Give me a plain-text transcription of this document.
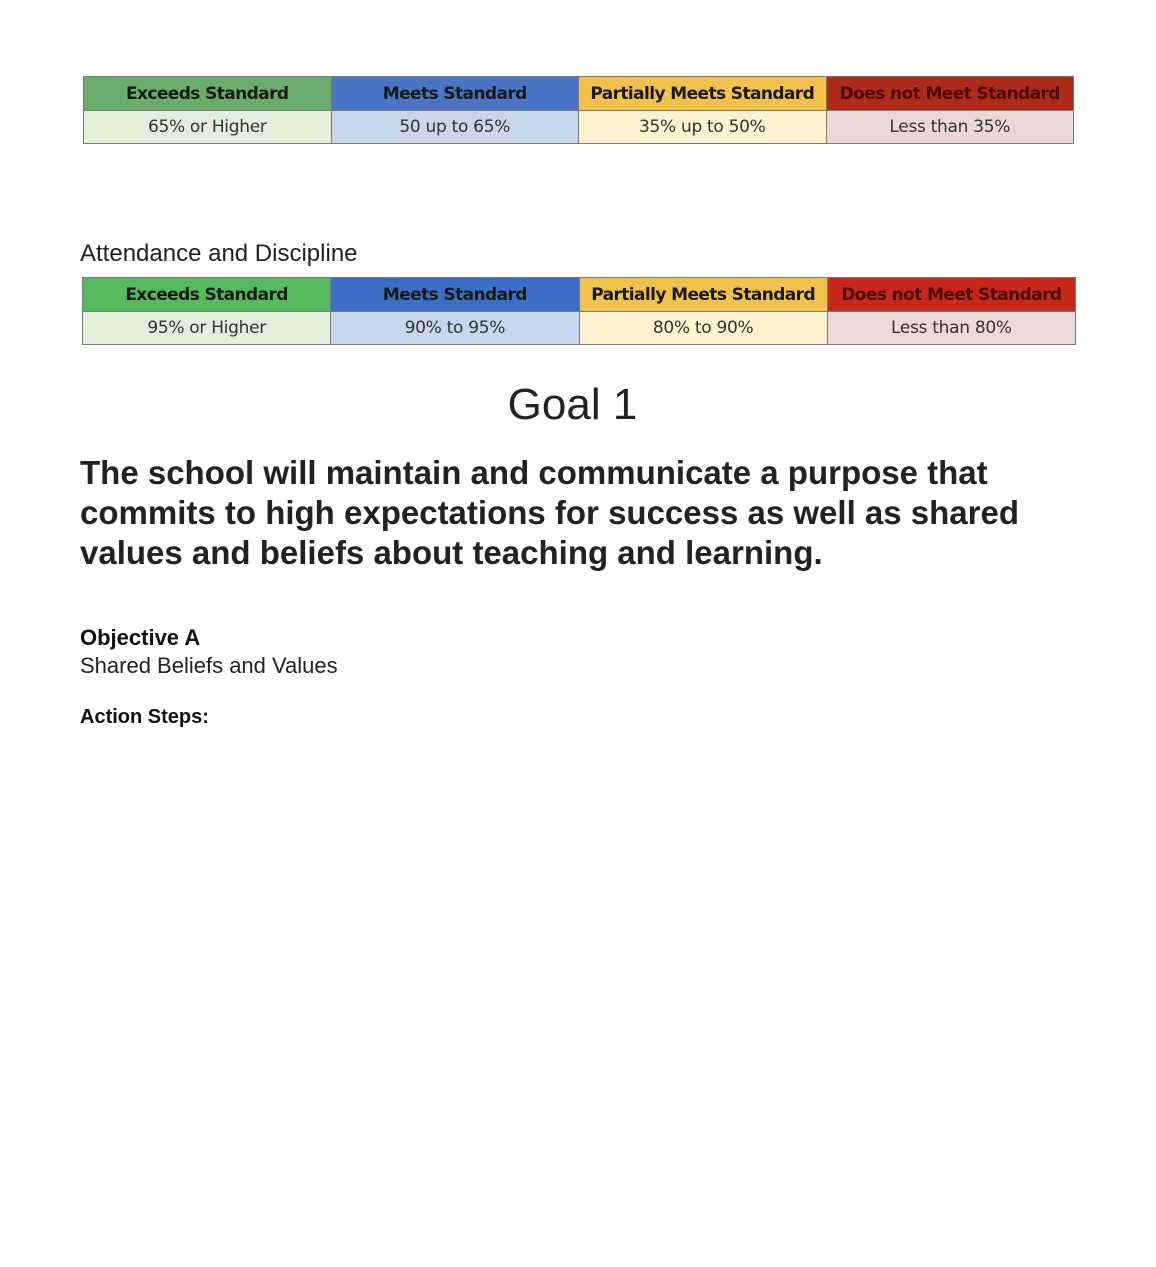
Exceeds Standard	Meets Standard	Partially Meets Standard	Does not Meet Standard
65% or Higher	50 up to 65%	35% up to 50%	Less than 35%

Attendance and Discipline

Exceeds Standard	Meets Standard	Partially Meets Standard	Does not Meet Standard
95% or Higher	90% to 95%	80% to 90%	Less than 80%
Goal 1
The school will maintain and communicate a purpose that commits to high expectations for success as well as shared values and beliefs about teaching and learning.

Objective A

Shared Beliefs and Values

Action Steps:
